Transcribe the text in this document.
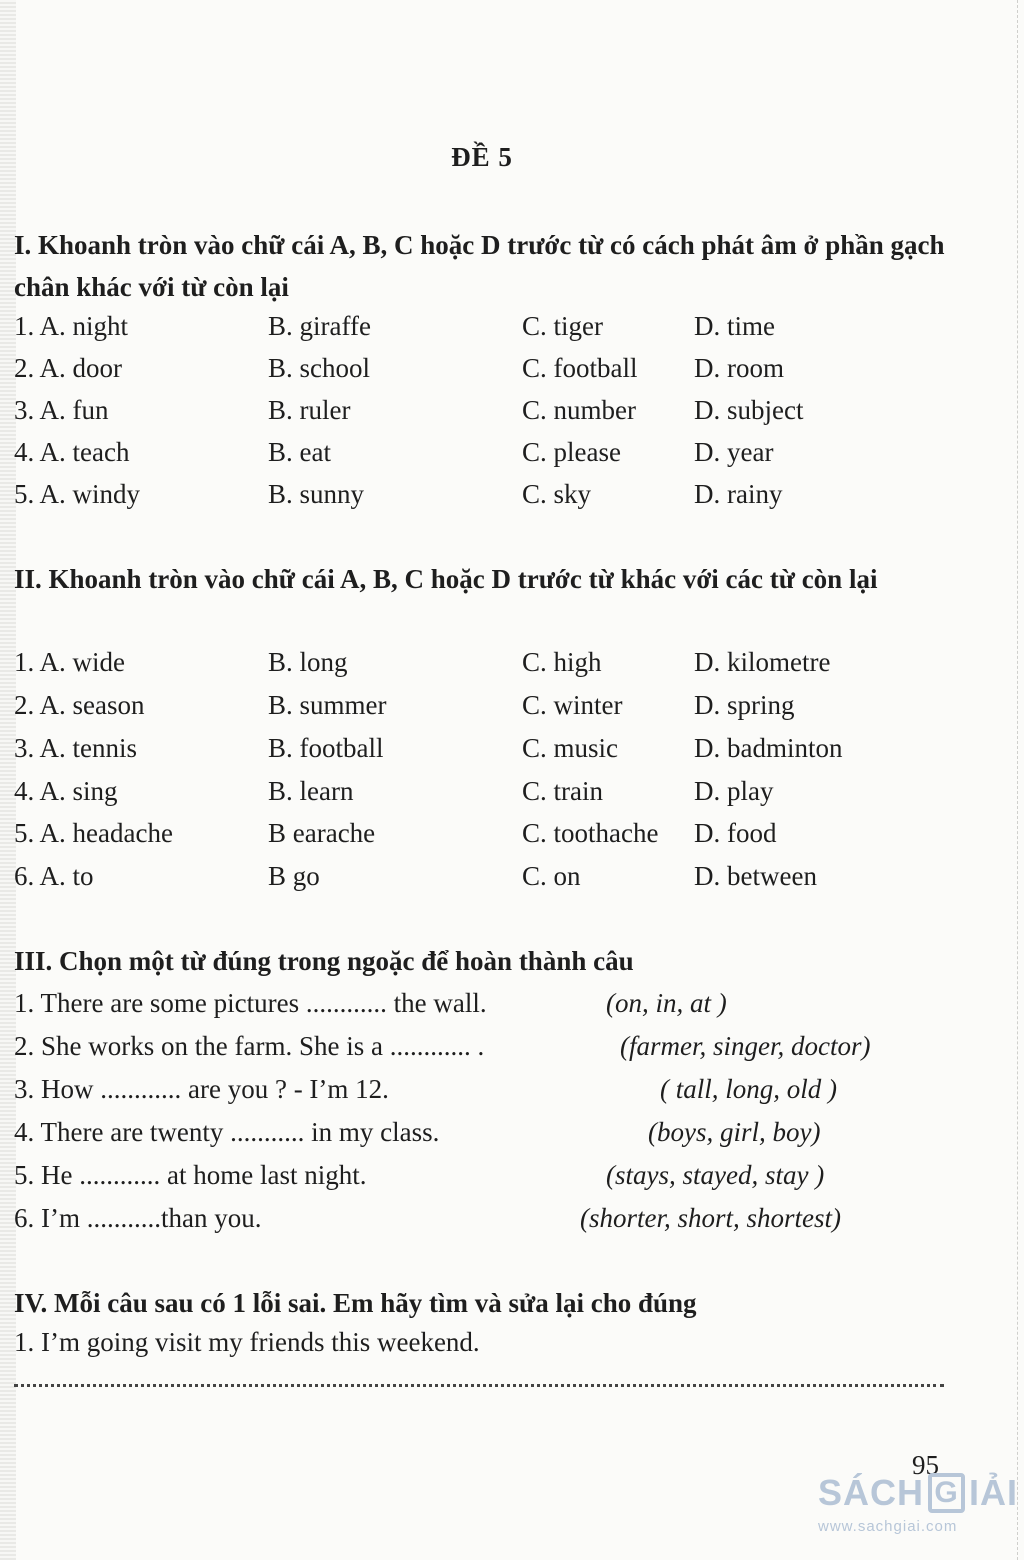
ĐỀ 5
I. Khoanh tròn vào chữ cái A, B, C hoặc D trước từ có cách phát âm ở phần gạch chân khác với từ còn lại
1. A. night	B. giraffe	C. tiger	D. time
2. A. door	B. school	C. football D. room
3. A. fun	B. ruler	C. number D. subject
4. A. teach	B. eat	C. please	D. year
5. A. windy	B. sunny	C. sky	D. rainy
II. Khoanh tròn vào chữ cái A, B, C hoặc D trước từ khác với các từ còn lại
1. A. wide	B. long	C. high	D. kilometre
2. A. season	B. summer	C. winter	D. spring
3. A. tennis	B. football	C. music	D. badminton
4. A. sing	B. learn	C. train	D. play
5. A. headache	B earache	C. toothache D. food
6. A. to	B go	C. on	D. between
III. Chọn một từ đúng trong ngoặc để hoàn thành câu
1. There are some pictures ............ the wall.	(on, in, at )
2. She works on the farm. She is a ............ .	(farmer, singer, doctor)
3. How ............ are you ? - I’m 12.	( tall, long, old )
4. There are twenty ........... in my class.	(boys, girl, boy)
5. He ............ at home last night.	(stays, stayed, stay )
6. I’m ...........than you.	(shorter, short, shortest)
IV. Mỗi câu sau có 1 lỗi sai. Em hãy tìm và sửa lại cho đúng
1. I’m going visit my friends this weekend.
95
SÁCH G IẢI
www.sachgiai.com
